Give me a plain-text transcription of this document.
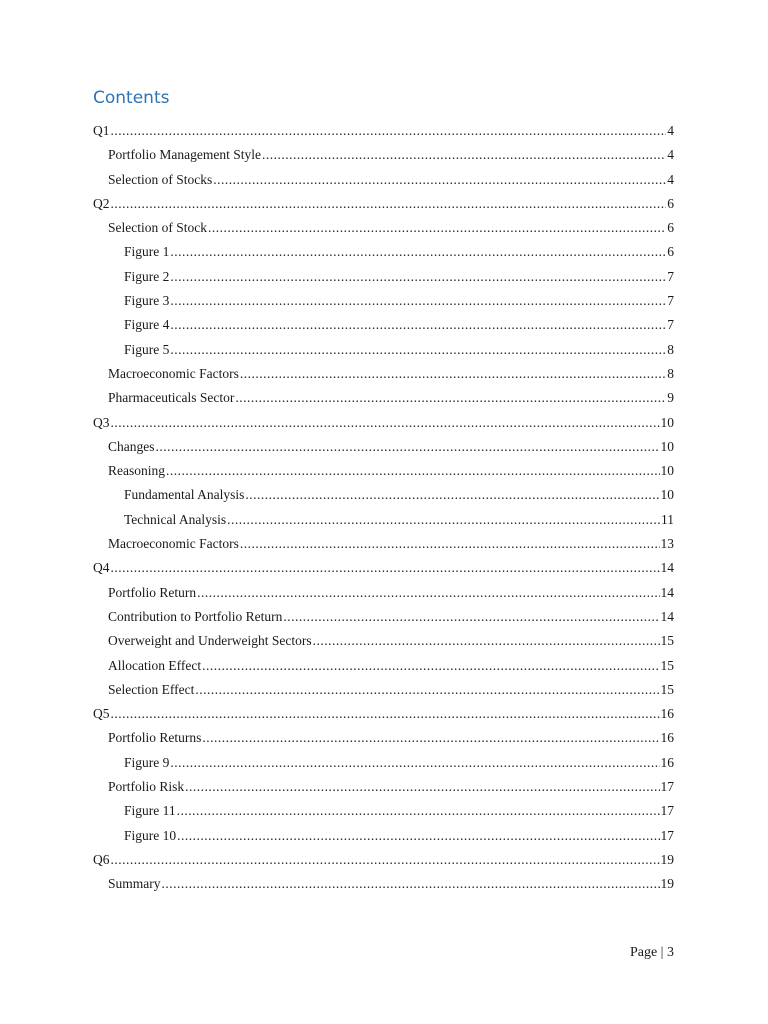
Contents
Q1 .....	4
Portfolio Management Style .....	4
Selection of Stocks .....	4
Q2 .....	6
Selection of Stock .....	6
Figure 1 .....	6
Figure 2 .....	7
Figure 3 .....	7
Figure 4 .....	7
Figure 5 .....	8
Macroeconomic Factors .....	8
Pharmaceuticals Sector .....	9
Q3 .....	10
Changes .....	10
Reasoning .....	10
Fundamental Analysis .....	10
Technical Analysis .....	11
Macroeconomic Factors .....	13
Q4 .....	14
Portfolio Return .....	14
Contribution to Portfolio Return .....	14
Overweight and Underweight Sectors .....	15
Allocation Effect .....	15
Selection Effect .....	15
Q5 .....	16
Portfolio Returns .....	16
Figure 9 .....	16
Portfolio Risk .....	17
Figure 11 .....	17
Figure 10 .....	17
Q6 .....	19
Summary .....	19
Page | 3
